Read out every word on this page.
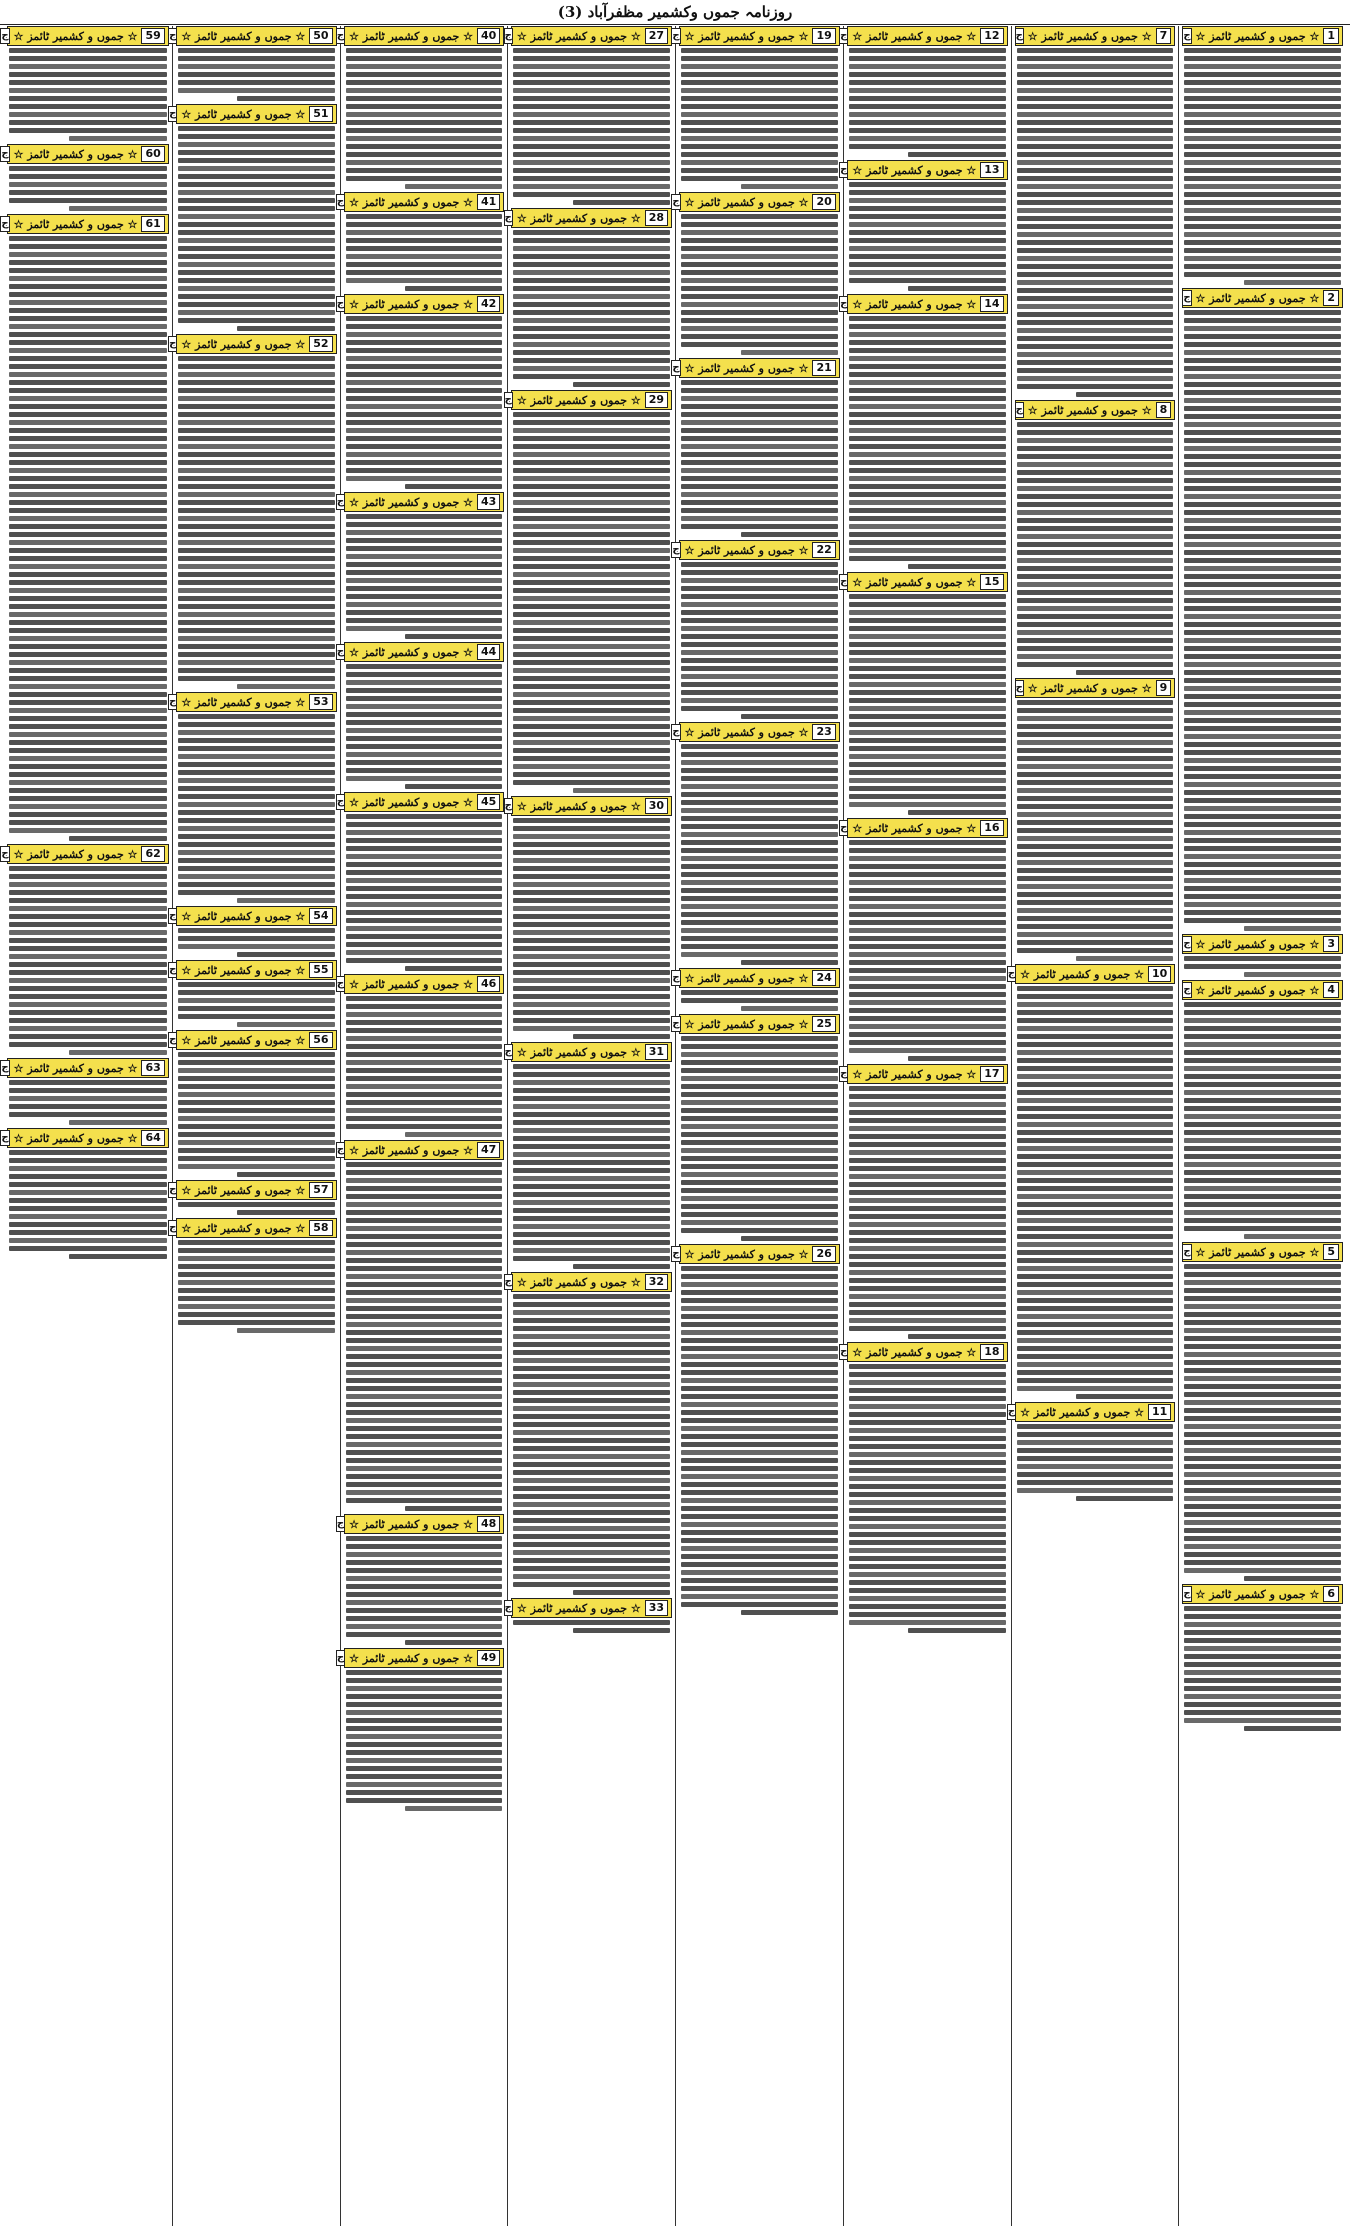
روزنامہ جموں وکشمیر مظفرآباد (3)
1
☆ جموں و کشمیر ٹائمز ☆
ج
2
☆ جموں و کشمیر ٹائمز ☆
ج
3
☆ جموں و کشمیر ٹائمز ☆
ج
4
☆ جموں و کشمیر ٹائمز ☆
ج
5
☆ جموں و کشمیر ٹائمز ☆
ج
6
☆ جموں و کشمیر ٹائمز ☆
ج
7
☆ جموں و کشمیر ٹائمز ☆
ج
8
☆ جموں و کشمیر ٹائمز ☆
ج
9
☆ جموں و کشمیر ٹائمز ☆
ج
10
☆ جموں و کشمیر ٹائمز ☆
ج
11
☆ جموں و کشمیر ٹائمز ☆
ج
12
☆ جموں و کشمیر ٹائمز ☆
ج
13
☆ جموں و کشمیر ٹائمز ☆
ج
14
☆ جموں و کشمیر ٹائمز ☆
ج
15
☆ جموں و کشمیر ٹائمز ☆
ج
16
☆ جموں و کشمیر ٹائمز ☆
ج
17
☆ جموں و کشمیر ٹائمز ☆
ج
18
☆ جموں و کشمیر ٹائمز ☆
ج
19
☆ جموں و کشمیر ٹائمز ☆
ج
20
☆ جموں و کشمیر ٹائمز ☆
ج
21
☆ جموں و کشمیر ٹائمز ☆
ج
22
☆ جموں و کشمیر ٹائمز ☆
ج
23
☆ جموں و کشمیر ٹائمز ☆
ج
24
☆ جموں و کشمیر ٹائمز ☆
ج
25
☆ جموں و کشمیر ٹائمز ☆
ج
26
☆ جموں و کشمیر ٹائمز ☆
ج
27
☆ جموں و کشمیر ٹائمز ☆
ج
28
☆ جموں و کشمیر ٹائمز ☆
ج
29
☆ جموں و کشمیر ٹائمز ☆
ج
30
☆ جموں و کشمیر ٹائمز ☆
ج
31
☆ جموں و کشمیر ٹائمز ☆
ج
32
☆ جموں و کشمیر ٹائمز ☆
ج
33
☆ جموں و کشمیر ٹائمز ☆
ج
40
☆ جموں و کشمیر ٹائمز ☆
ج
41
☆ جموں و کشمیر ٹائمز ☆
ج
42
☆ جموں و کشمیر ٹائمز ☆
ج
43
☆ جموں و کشمیر ٹائمز ☆
ج
44
☆ جموں و کشمیر ٹائمز ☆
ج
45
☆ جموں و کشمیر ٹائمز ☆
ج
46
☆ جموں و کشمیر ٹائمز ☆
ج
47
☆ جموں و کشمیر ٹائمز ☆
ج
48
☆ جموں و کشمیر ٹائمز ☆
ج
49
☆ جموں و کشمیر ٹائمز ☆
ج
50
☆ جموں و کشمیر ٹائمز ☆
ج
51
☆ جموں و کشمیر ٹائمز ☆
ج
52
☆ جموں و کشمیر ٹائمز ☆
ج
53
☆ جموں و کشمیر ٹائمز ☆
ج
54
☆ جموں و کشمیر ٹائمز ☆
ج
55
☆ جموں و کشمیر ٹائمز ☆
ج
56
☆ جموں و کشمیر ٹائمز ☆
ج
57
☆ جموں و کشمیر ٹائمز ☆
ج
58
☆ جموں و کشمیر ٹائمز ☆
ج
59
☆ جموں و کشمیر ٹائمز ☆
ج
60
☆ جموں و کشمیر ٹائمز ☆
ج
61
☆ جموں و کشمیر ٹائمز ☆
ج
62
☆ جموں و کشمیر ٹائمز ☆
ج
63
☆ جموں و کشمیر ٹائمز ☆
ج
64
☆ جموں و کشمیر ٹائمز ☆
ج
